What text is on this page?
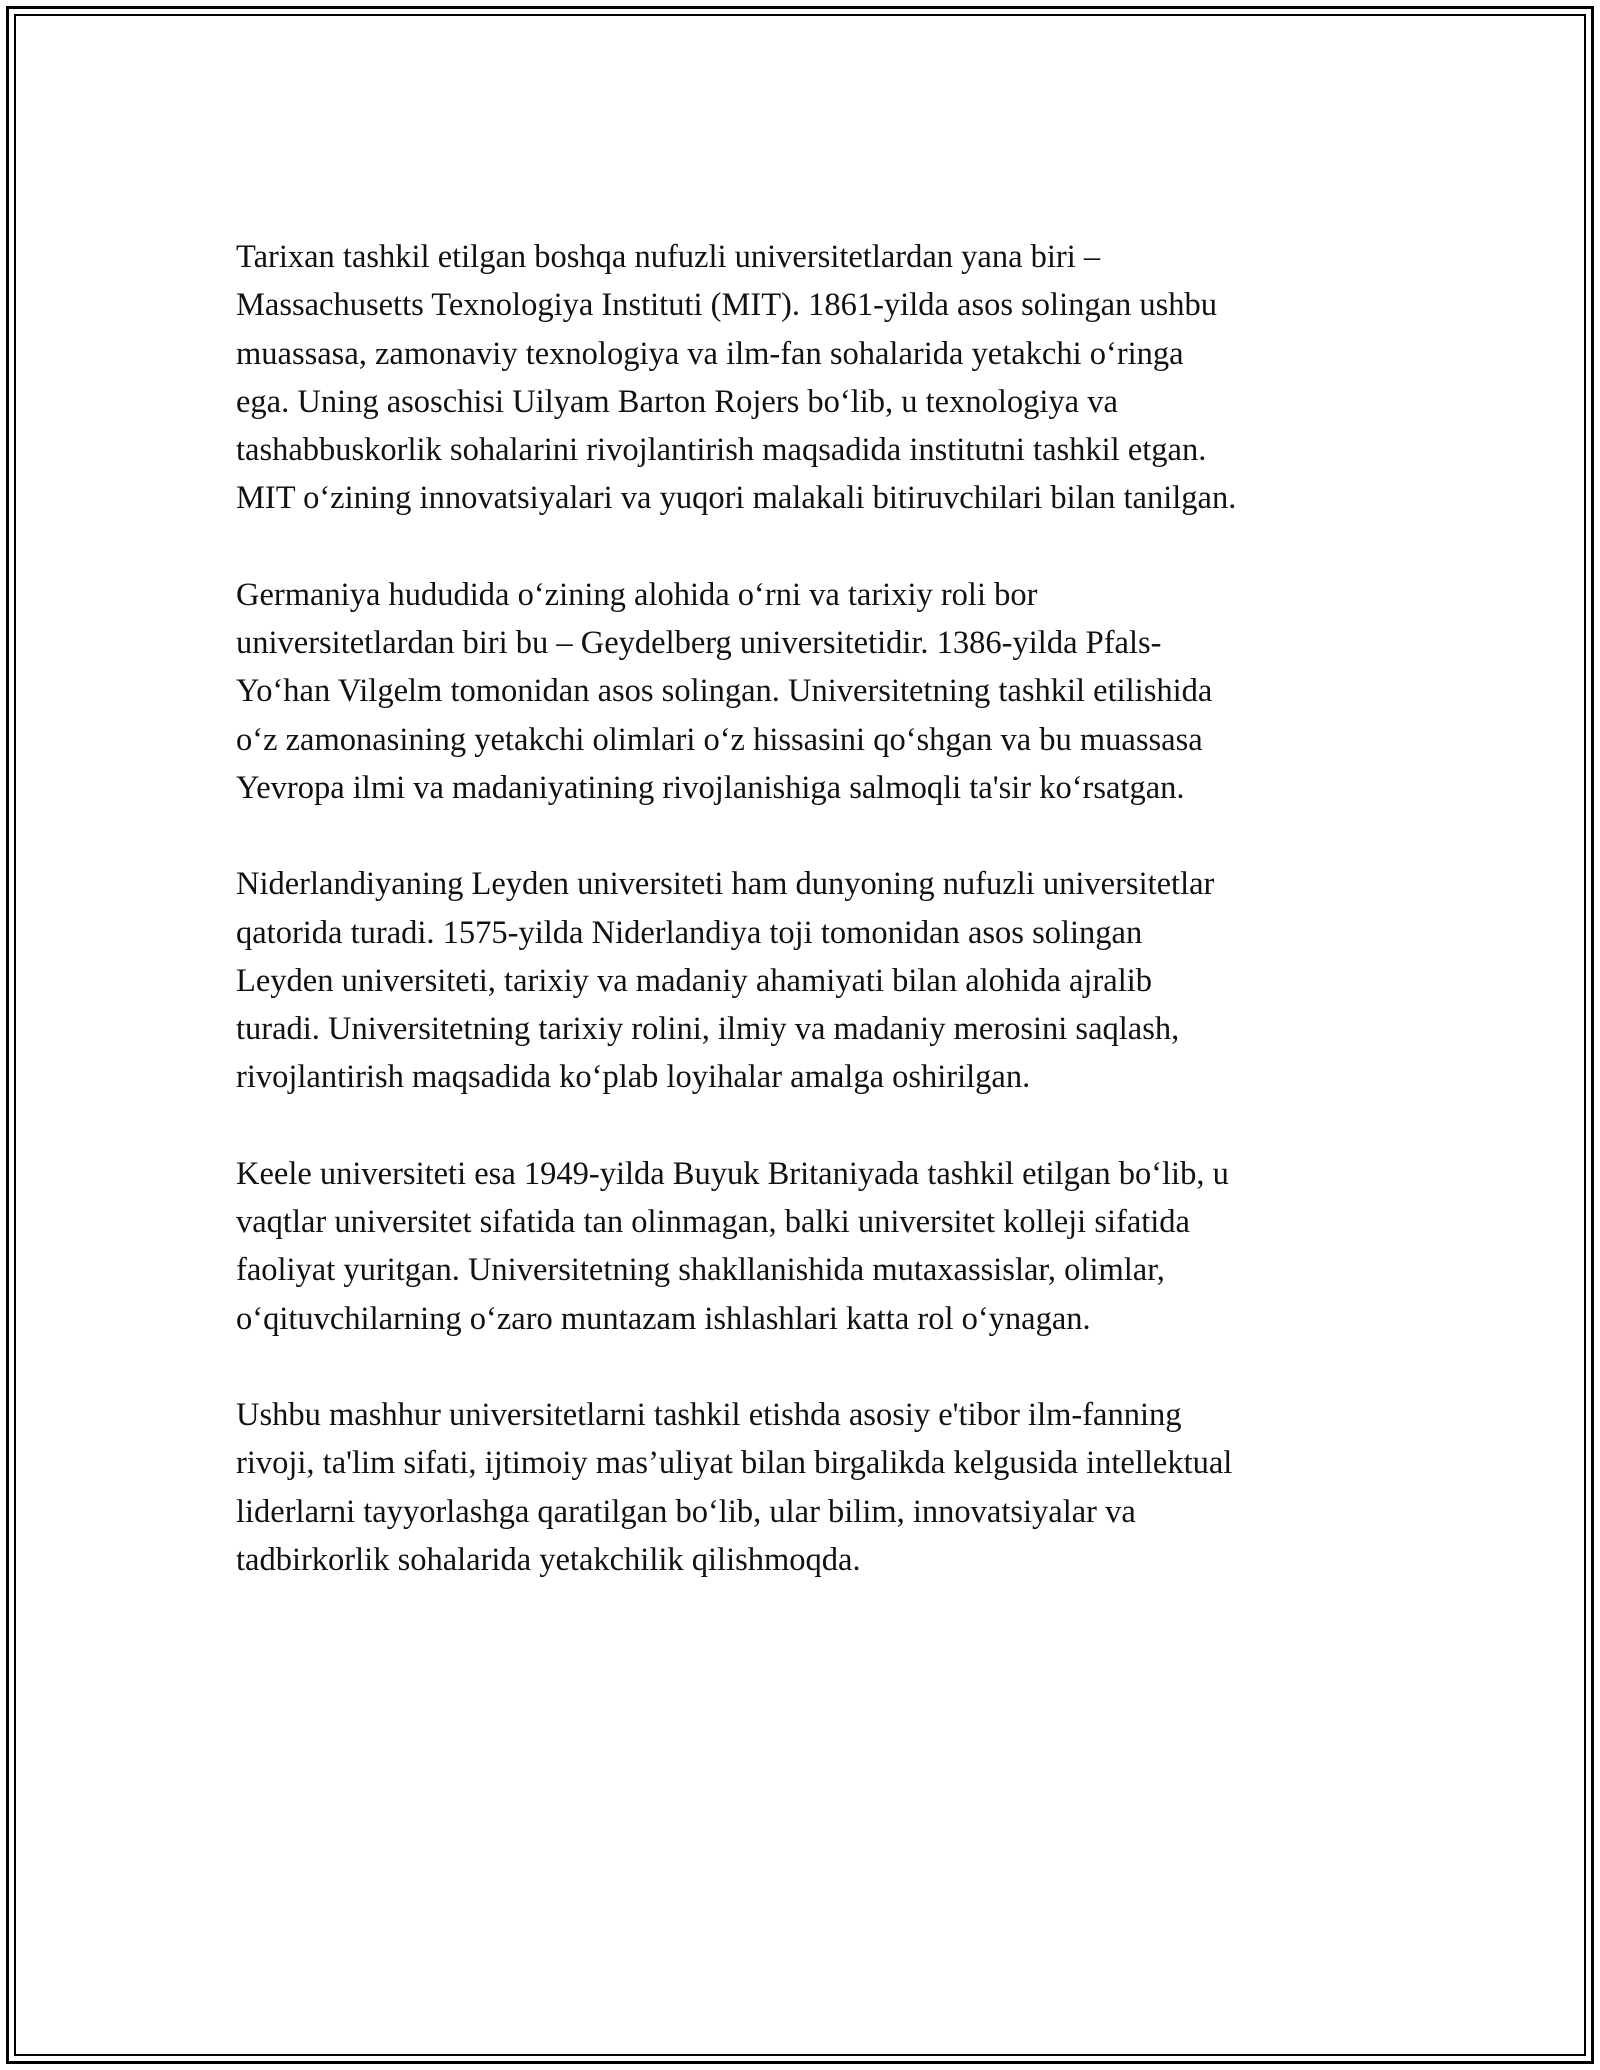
Tarixan tashkil etilgan boshqa nufuzli universitetlardan yana biri –
Massachusetts Texnologiya Instituti (MIT). 1861-yilda asos solingan ushbu
muassasa, zamonaviy texnologiya va ilm-fan sohalarida yetakchi o‘ringa
ega. Uning asoschisi Uilyam Barton Rojers bo‘lib, u texnologiya va
tashabbuskorlik sohalarini rivojlantirish maqsadida institutni tashkil etgan.
MIT o‘zining innovatsiyalari va yuqori malakali bitiruvchilari bilan tanilgan.

Germaniya hududida o‘zining alohida o‘rni va tarixiy roli bor
universitetlardan biri bu – Geydelberg universitetidir. 1386-yilda Pfals-
Yo‘han Vilgelm tomonidan asos solingan. Universitetning tashkil etilishida
o‘z zamonasining yetakchi olimlari o‘z hissasini qo‘shgan va bu muassasa
Yevropa ilmi va madaniyatining rivojlanishiga salmoqli ta'sir ko‘rsatgan.

Niderlandiyaning Leyden universiteti ham dunyoning nufuzli universitetlar
qatorida turadi. 1575-yilda Niderlandiya toji tomonidan asos solingan
Leyden universiteti, tarixiy va madaniy ahamiyati bilan alohida ajralib
turadi. Universitetning tarixiy rolini, ilmiy va madaniy merosini saqlash,
rivojlantirish maqsadida ko‘plab loyihalar amalga oshirilgan.

Keele universiteti esa 1949-yilda Buyuk Britaniyada tashkil etilgan bo‘lib, u
vaqtlar universitet sifatida tan olinmagan, balki universitet kolleji sifatida
faoliyat yuritgan. Universitetning shakllanishida mutaxassislar, olimlar,
o‘qituvchilarning o‘zaro muntazam ishlashlari katta rol o‘ynagan.

Ushbu mashhur universitetlarni tashkil etishda asosiy e'tibor ilm-fanning
rivoji, ta'lim sifati, ijtimoiy mas’uliyat bilan birgalikda kelgusida intellektual
liderlarni tayyorlashga qaratilgan bo‘lib, ular bilim, innovatsiyalar va
tadbirkorlik sohalarida yetakchilik qilishmoqda.
